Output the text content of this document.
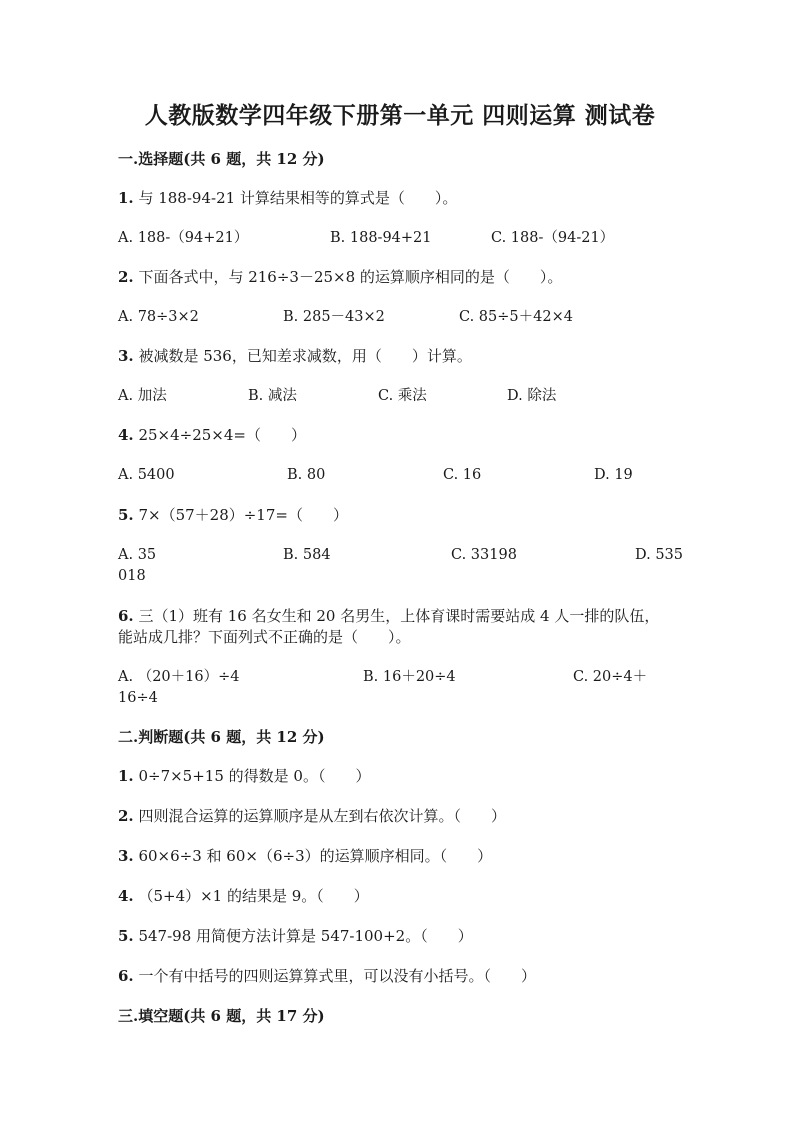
人教版数学四年级下册第一单元 四则运算 测试卷
一.选择题(共 6 题，共 12 分)
1. 与 188-94-21 计算结果相等的算式是（　　）。
A. 188-（94+21）	B. 188-94+21	C. 188-（94-21）
2. 下面各式中，与 216÷3－25×8 的运算顺序相同的是（　　）。
A. 78÷3×2	B. 285－43×2	C. 85÷5＋42×4
3. 被减数是 536，已知差求减数，用（　　）计算。
A. 加法	B. 减法	C. 乘法	D. 除法
4. 25×4÷25×4=（　　）
A. 5400	B. 80	C. 16	D. 19
5. 7×（57＋28）÷17=（　　）
A. 35	B. 584	C. 33198	D. 535
018
6. 三（1）班有 16 名女生和 20 名男生，上体育课时需要站成 4 人一排的队伍，
能站成几排？下面列式不正确的是（　　）。
A. （20＋16）÷4	B. 16＋20÷4	C. 20÷4＋
16÷4
二.判断题(共 6 题，共 12 分)
1. 0÷7×5+15 的得数是 0。（　　）
2. 四则混合运算的运算顺序是从左到右依次计算。（　　）
3. 60×6÷3 和 60×（6÷3）的运算顺序相同。（　　）
4. （5+4）×1 的结果是 9。（　　）
5. 547-98 用简便方法计算是 547-100+2。（　　）
6. 一个有中括号的四则运算算式里，可以没有小括号。（　　）
三.填空题(共 6 题，共 17 分)
